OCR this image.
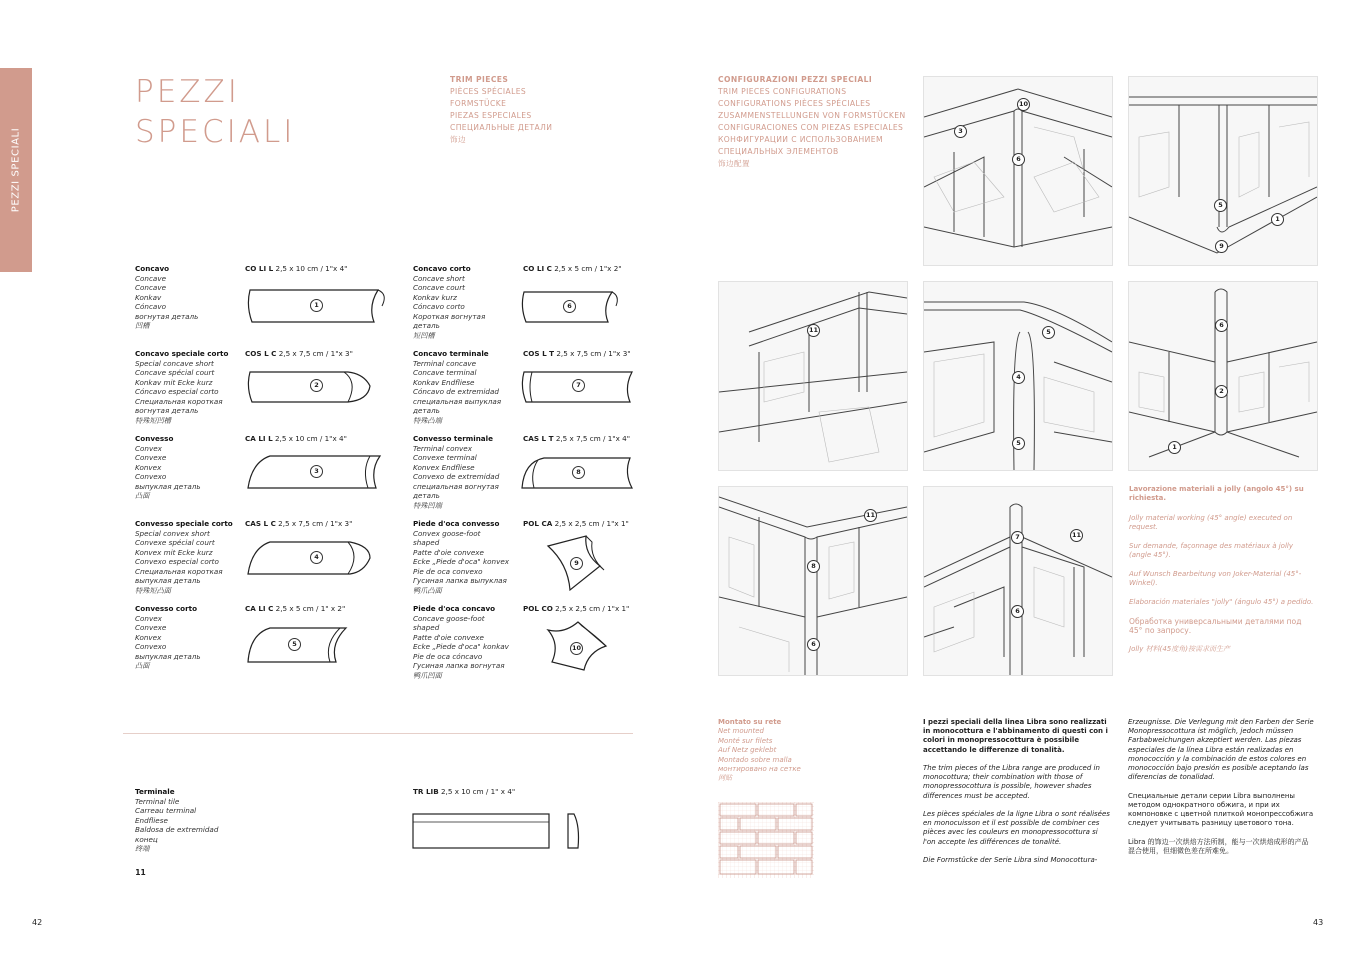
PEZZI SPECIALI
PEZZI
SPECIALI
TRIM PIECES
PIÈCES SPÉCIALES
FORMSTÜCKE
PIEZAS ESPECIALES
СПЕЦИАЛЬНЫЕ ДЕТАЛИ
饰边
CONFIGURAZIONI PEZZI SPECIALI
TRIM PIECES CONFIGURATIONS
CONFIGURATIONS PIÈCES SPÉCIALES
ZUSAMMENSTELLUNGEN VON FORMSTÜCKEN
CONFIGURACIONES CON PIEZAS ESPECIALES
КОНФИГУРАЦИИ С ИСПОЛЬЗОВАНИЕМ
СПЕЦИАЛЬНЫХ ЭЛЕМЕНТОВ
饰边配置
Concavo
Concave
Concave
Konkav
Cóncavo
вогнутая деталь
凹槽
CO LI L 2,5 x 10 cm / 1"x 4"
1
Concavo corto
Concave short
Concave court
Konkav kurz
Cóncavo corto
Короткая вогнутая
деталь
短凹槽
CO LI C 2,5 x 5 cm / 1"x 2"
6
Concavo speciale corto
Special concave short
Concave spécial court
Konkav mit Ecke kurz
Cóncavo especial corto
Специальная короткая
вогнутая деталь
特殊短凹槽
COS L C 2,5 x 7,5 cm / 1"x 3"
2
Concavo terminale
Terminal concave
Concave terminal
Konkav Endfliese
Cóncavo de extremidad
специальная выпуклая
деталь
特殊凸端
COS L T 2,5 x 7,5 cm / 1"x 3"
7
Convesso
Convex
Convexe
Konvex
Convexo
выпуклая деталь
凸面
CA LI L 2,5 x 10 cm / 1"x 4"
3
Convesso terminale
Terminal convex
Convexe terminal
Konvex Endfliese
Convexo de extremidad
специальная вогнутая
деталь
特殊凹端
CAS L T 2,5 x 7,5 cm / 1"x 4"
8
Convesso speciale corto
Special convex short
Convexe spécial court
Konvex mit Ecke kurz
Convexo especial corto
Специальная короткая
выпуклая деталь
特殊短凸面
CAS L C 2,5 x 7,5 cm / 1"x 3"
4
Piede d'oca convesso
Convex goose-foot
shaped
Patte d'oie convexe
Ecke „Piede d'oca" konvex
Pie de oca convexo
Гусиная лапка выпуклая
鸭爪凸面
POL CA 2,5 x 2,5 cm / 1"x 1"
9
Convesso corto
Convex
Convexe
Konvex
Convexo
выпуклая деталь
凸面
CA LI C 2,5 x 5 cm / 1" x 2"
5
Piede d'oca concavo
Concave goose-foot
shaped
Patte d'oie convexe
Ecke „Piede d'oca" konkav
Pie de oca cóncavo
Гусиная лапка вогнутая
鸭爪凹面
POL CO 2,5 x 2,5 cm / 1"x 1"
10
Terminale
Terminal tile
Carreau terminal
Endfliese
Baldosa de extremidad
конец
终端
11
TR LIB 2,5 x 10 cm / 1" x 4"
10
3
6
5
1
9
11	5
4
5
6
2
1
11
8
6
7	11
6
Lavorazione materiali a jolly (angolo 45°) su richiesta.

Jolly material working (45° angle) executed on request.

Sur demande, façonnage des matériaux à jolly (angle 45°).

Auf Wunsch Bearbeitung von Joker-Material (45°-Winkel).

Elaboración materiales "jolly" (ángulo 45°) a pedido.

Обработка универсальными деталями под 45° по запросу.

Jolly 材料(45度角)按需求而生产

Montato su rete
Net mounted
Monté sur filets
Auf Netz geklebt
Montado sobre malla
монтировано на сетке
网贴

I pezzi speciali della linea Libra sono realizzati in monocottura e l'abbinamento di questi con i colori in monopressocottura è possibile accettando le differenze di tonalità.

The trim pieces of the Libra range are produced in monocottura; their combination with those of monopressocottura is possible, however shades differences must be accepted.

Les pièces spéciales de la ligne Libra o sont réalisées en monocuisson et il est possible de combiner ces pièces avec les couleurs en monopressocottura si l'on accepte les différences de tonalité.

Die Formstücke der Serie Libra sind Monocottura-

Erzeugnisse. Die Verlegung mit den Farben der Serie Monopressocottura ist möglich, jedoch müssen Farbabweichungen akzeptiert werden. Las piezas especiales de la línea Libra están realizadas en monococción y la combinación de estos colores en monococción bajo presión es posible aceptando las diferencias de tonalidad.

Специальные детали серии Libra выполнены методом однократного обжига, и при их компоновке с цветной плиткой монопрессобжига следует учитывать разницу цветового тона.

Libra 的饰边一次烘焙方法所制，能与一次烘焙成形的产品混合使用，但细微色差在所难免。

42	43
